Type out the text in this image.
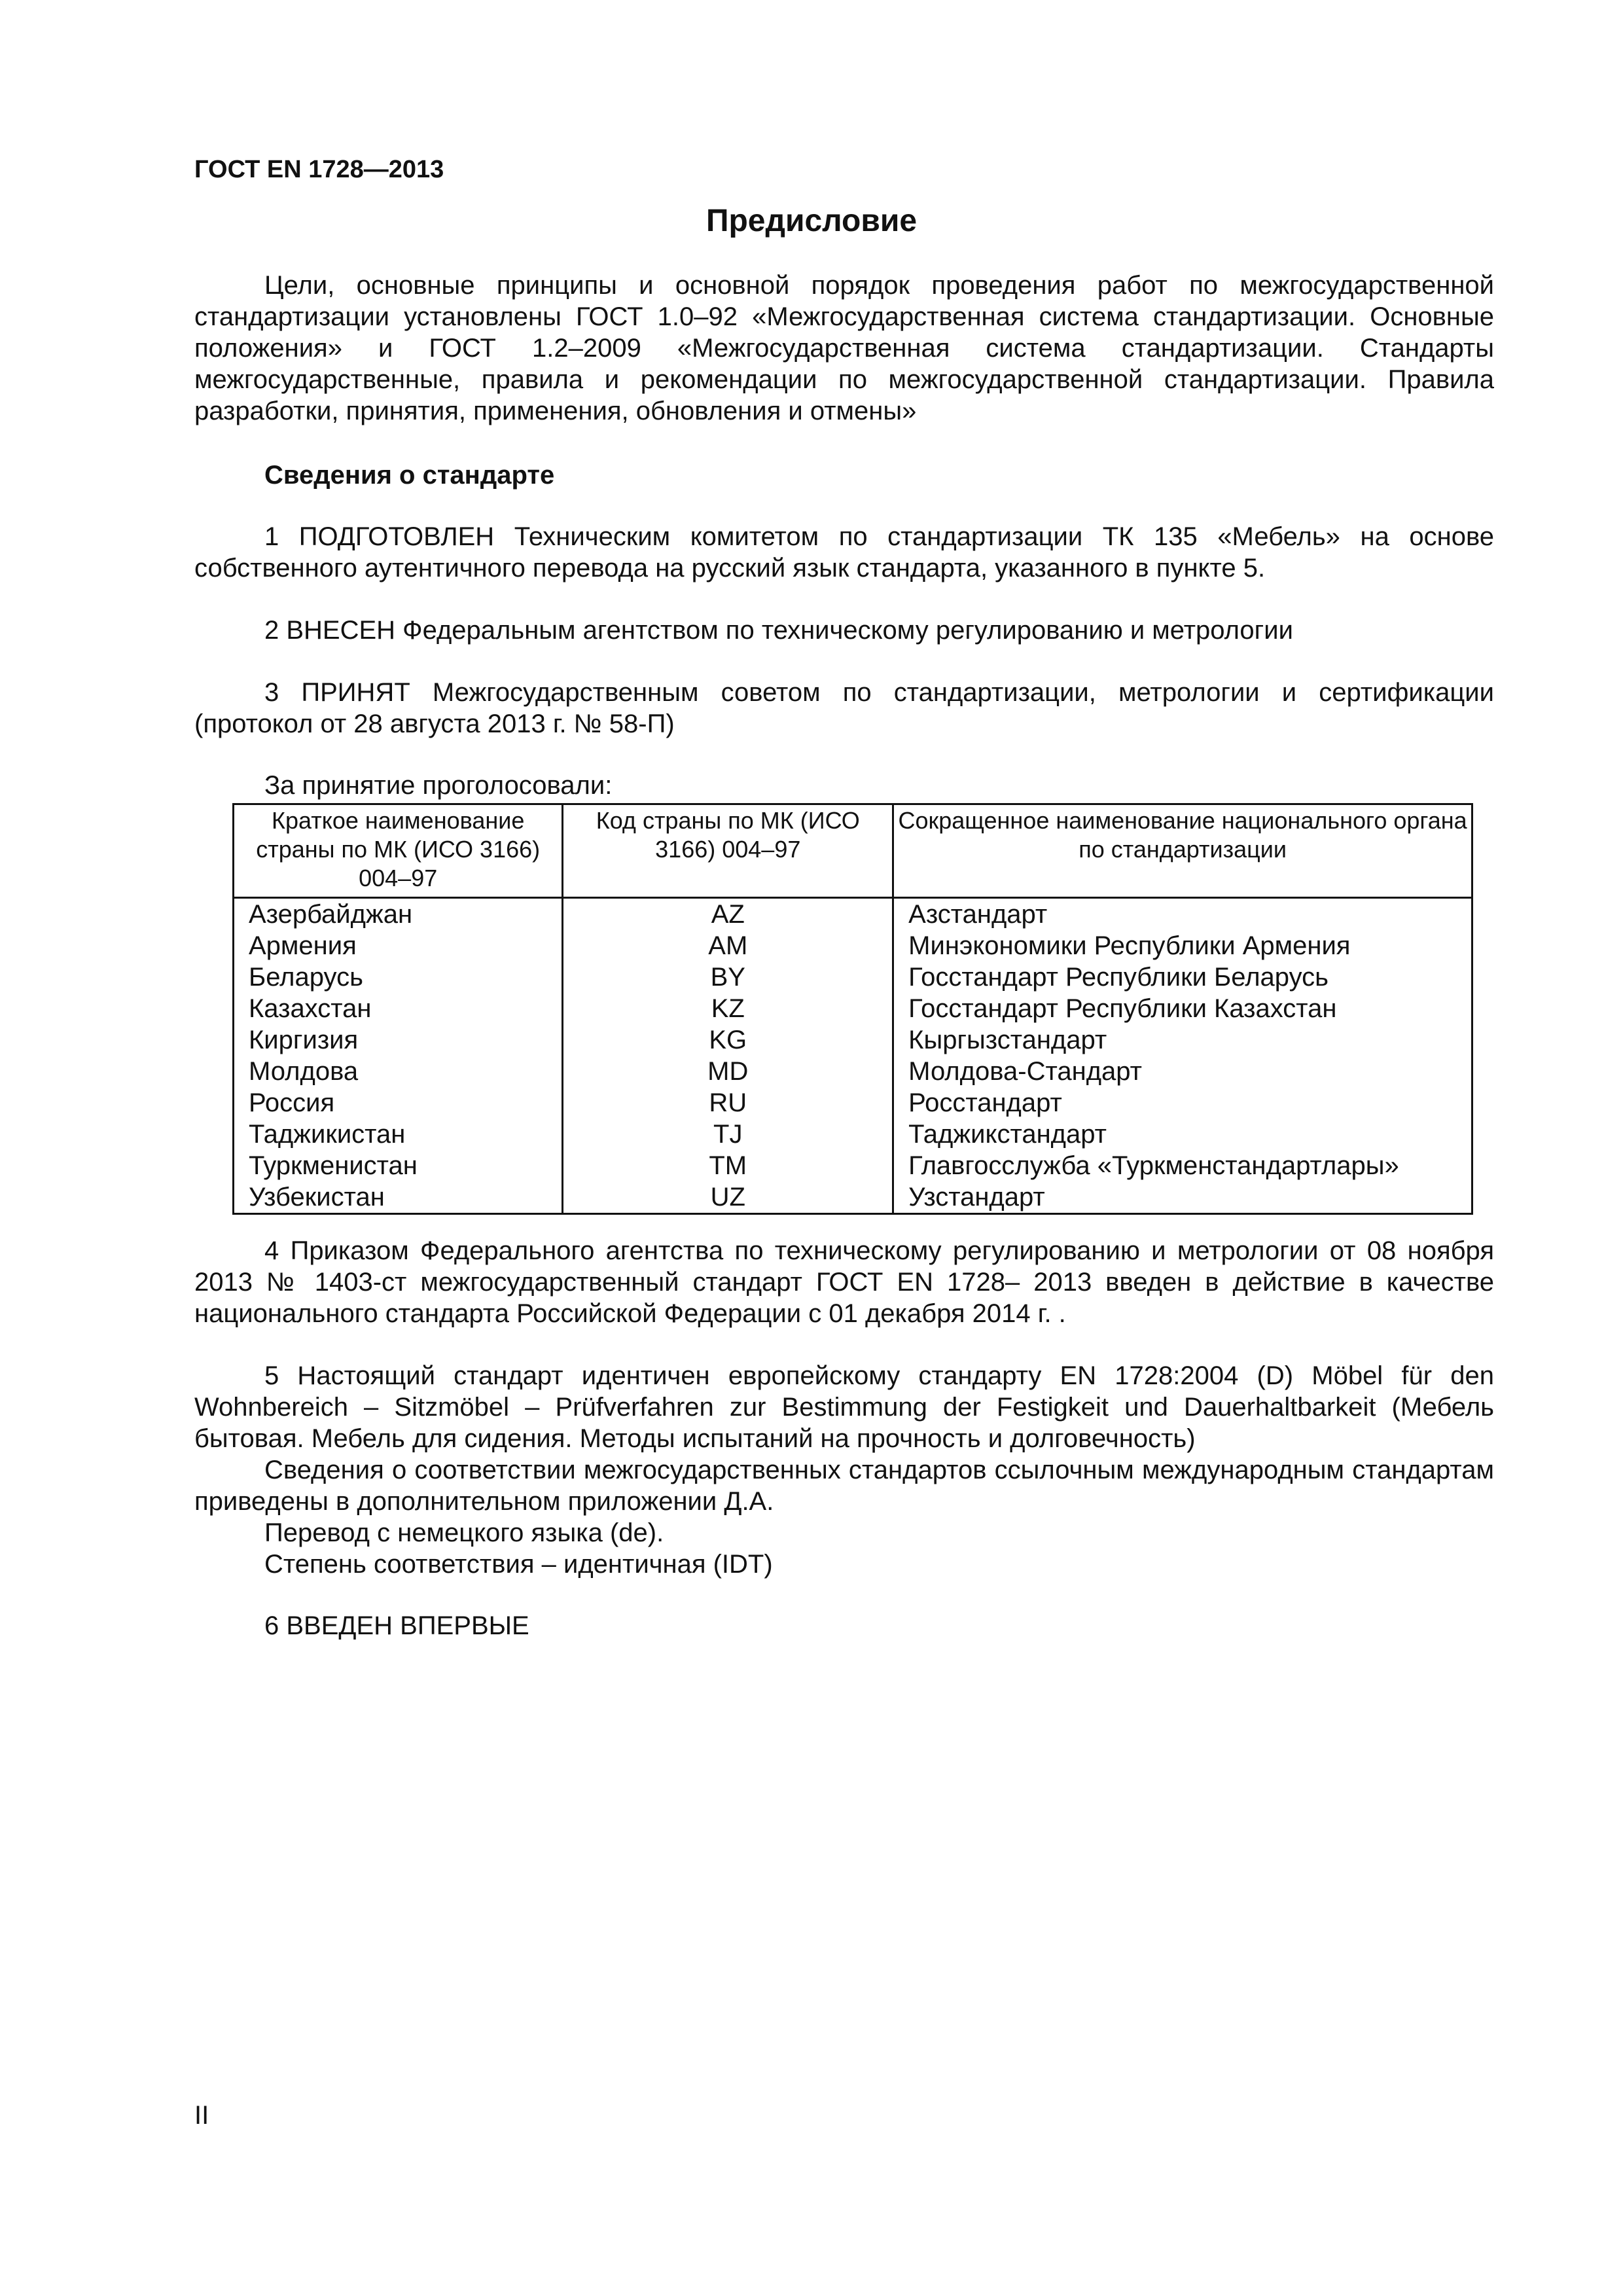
ГОСТ EN 1728—2013
Предисловие
Цели, основные принципы и основной порядок проведения работ по межгосударственной стандартизации установлены ГОСТ 1.0–92 «Межгосударственная система стандартизации. Основные положения» и ГОСТ 1.2–2009 «Межгосударственная система стандартизации. Стандарты межгосударственные, правила и рекомендации по межгосударственной стандартизации. Правила разработки, принятия, применения, обновления и отмены»
Сведения о стандарте
1 ПОДГОТОВЛЕН Техническим комитетом по стандартизации ТК 135 «Мебель» на основе собственного аутентичного перевода на русский язык стандарта, указанного в пункте 5.
2 ВНЕСЕН Федеральным агентством по техническому регулированию и метрологии
3 ПРИНЯТ Межгосударственным советом по стандартизации, метрологии и сертификации (протокол от 28 августа 2013 г. № 58-П)
За принятие проголосовали:
Краткое наименование страны по МК (ИСО 3166) 004–97	Код страны по МК (ИСО 3166) 004–97	Сокращенное наименование национального органа по стандартизации
Азербайджан	AZ	Азстандарт
Армения	AM	Минэкономики Республики Армения
Беларусь	BY	Госстандарт Республики Беларусь
Казахстан	KZ	Госстандарт Республики Казахстан
Киргизия	KG	Кыргызстандарт
Молдова	MD	Молдова-Стандарт
Россия	RU	Росстандарт
Таджикистан	TJ	Таджикстандарт
Туркменистан	TM	Главгосслужба «Туркменстандартлары»
Узбекистан	UZ	Узстандарт
4 Приказом Федерального агентства по техническому регулированию и метрологии от 08 ноября 2013 № 1403-ст межгосударственный стандарт ГОСТ EN 1728– 2013 введен в действие в качестве национального стандарта Российской Федерации с 01 декабря 2014 г. .
5 Настоящий стандарт идентичен европейскому стандарту EN 1728:2004 (D) Möbel für den Wohnbereich – Sitzmöbel – Prüfverfahren zur Bestimmung der Festigkeit und Dauerhaltbarkeit (Мебель бытовая. Мебель для сидения. Методы испытаний на прочность и долговечность)
Сведения о соответствии межгосударственных стандартов ссылочным международным стандартам приведены в дополнительном приложении Д.А.
Перевод с немецкого языка (de).
Степень соответствия – идентичная (IDT)
6 ВВЕДЕН ВПЕРВЫЕ
II
